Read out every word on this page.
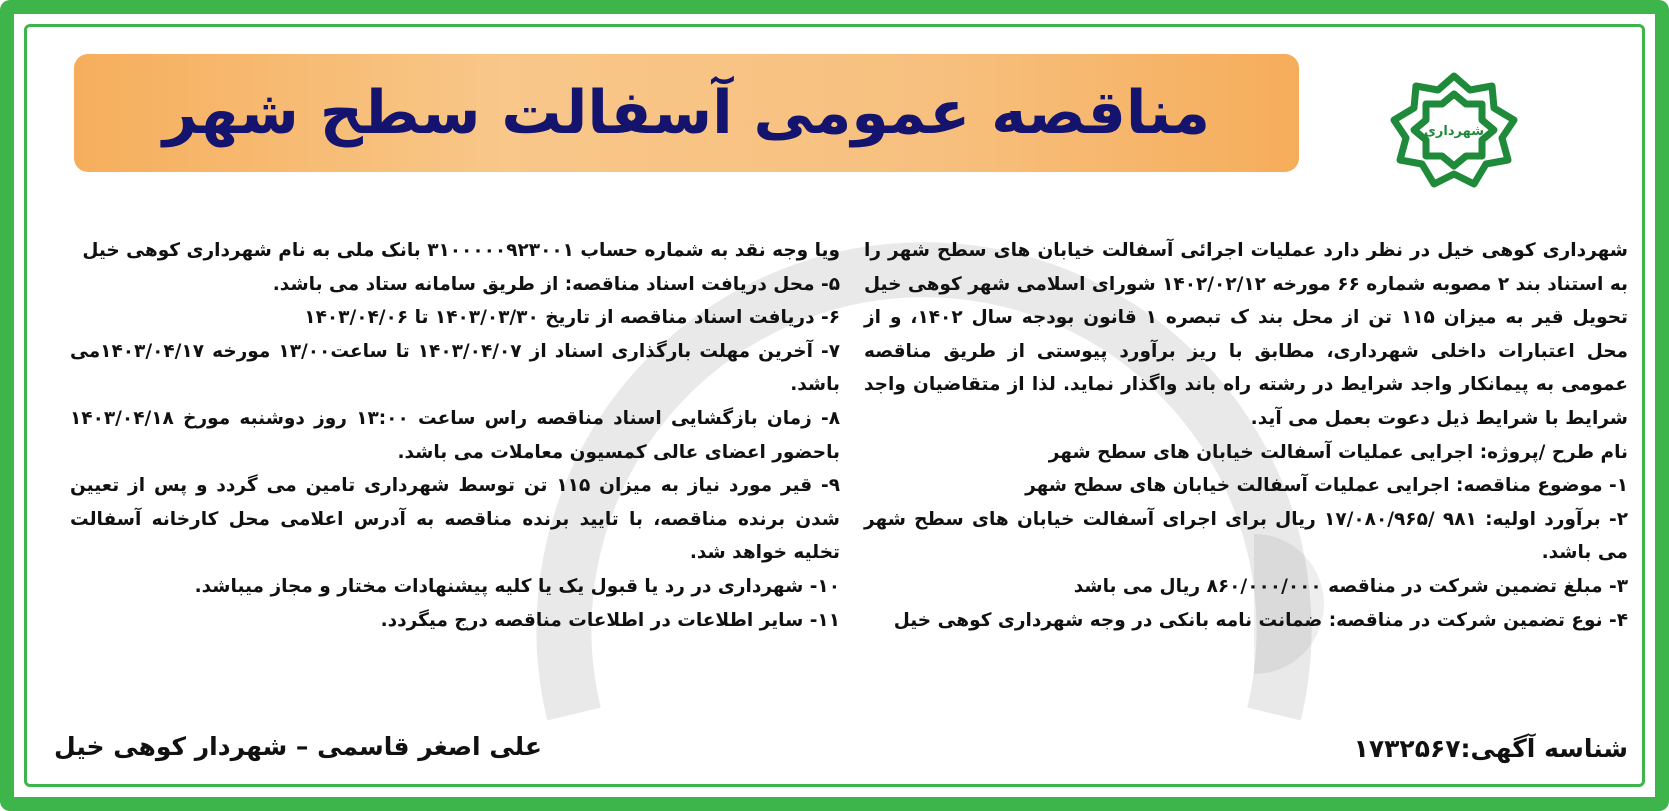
مناقصه عمومی آسفالت سطح شهر	شهرداری

شهرداری کوهی خیل در نظر دارد عملیات اجرائی آسفالت خیابان های سطح شهر را به استناد بند ۲ مصوبه شماره ۶۶ مورخه ۱۴۰۲/۰۲/۱۲ شورای اسلامی شهر کوهی خیل تحویل قیر به میزان ۱۱۵ تن از محل بند ک تبصره ۱ قانون بودجه سال ۱۴۰۲، و از محل اعتبارات داخلی شهرداری، مطابق با ریز برآورد پیوستی از طریق مناقصه عمومی به پیمانکار واجد شرایط در رشته راه باند واگذار نماید. لذا از متقاضیان واجد شرایط با شرایط ذیل دعوت بعمل می آید.

نام طرح /پروژه: اجرایی عملیات آسفالت خیابان های سطح شهر

۱- موضوع مناقصه: اجرایی عملیات آسفالت خیابان های سطح شهر

۲- برآورد اولیه: ۹۸۱ /۱۷/۰۸۰/۹۶۵ ریال برای اجرای آسفالت خیابان های سطح شهر می باشد.

۳- مبلغ تضمین شرکت در مناقصه ۸۶۰/۰۰۰/۰۰۰ ریال می باشد

۴- نوع تضمین شرکت در مناقصه: ضمانت نامه بانکی در وجه شهرداری کوهی خیل

ویا وجه نقد به شماره حساب ۳۱۰۰۰۰۰۹۲۳۰۰۱ بانک ملی به نام شهرداری کوهی خیل

۵- محل دریافت اسناد مناقصه: از طریق سامانه ستاد می باشد.

۶- دریافت اسناد مناقصه از تاریخ ۱۴۰۳/۰۳/۳۰ تا ۱۴۰۳/۰۴/۰۶

۷- آخرین مهلت بارگذاری اسناد از ۱۴۰۳/۰۴/۰۷ تا ساعت۱۳/۰۰ مورخه ۱۴۰۳/۰۴/۱۷می باشد.

۸- زمان بازگشایی اسناد مناقصه راس ساعت ۱۳:۰۰ روز دوشنبه مورخ ۱۴۰۳/۰۴/۱۸ باحضور اعضای عالی کمسیون معاملات می باشد.

۹- قیر مورد نیاز به میزان ۱۱۵ تن توسط شهرداری تامین می گردد و پس از تعیین شدن برنده مناقصه، با تایید برنده مناقصه به آدرس اعلامی محل کارخانه آسفالت تخلیه خواهد شد.

۱۰- شهرداری در رد یا قبول یک یا کلیه پیشنهادات مختار و مجاز میباشد.

۱۱- سایر اطلاعات در اطلاعات مناقصه درج میگردد.

شناسه آگهی:۱۷۳۲۵۶۷
علی اصغر قاسمی – شهردار کوهی خیل
